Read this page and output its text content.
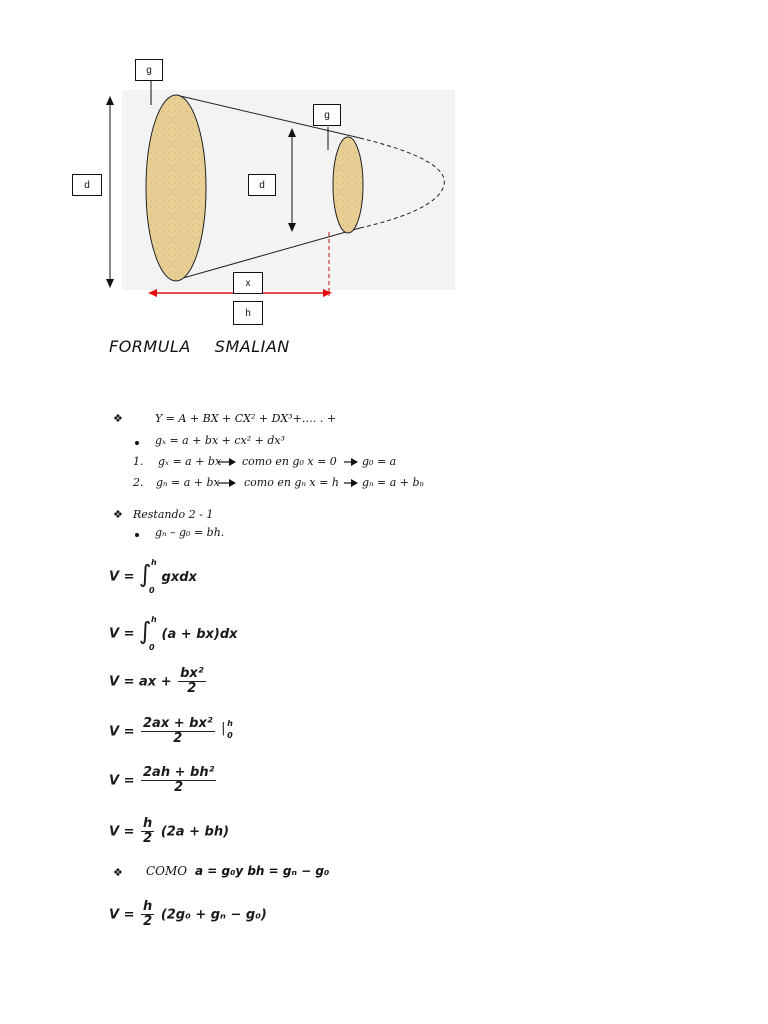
g
g
d	d
x
h
FORMULA SMALIAN
❖	Y = A + BX + CX² + DX³+…. . +
gₓ = a + bx + cx² + dx³
1. gₓ = a + bx como en g₀ x = 0 g₀ = a
2. gₙ = a + bx como en gₙ x = h gₙ = a + bₙ
❖ Restando 2 - 1
gₙ – g₀ = bh.
V = ∫ h
0
gxdx
V = ∫ h
0
(a + bx)dx
V = ax + $\frac{\text{bx²}}{2}$
$V = \frac{\text{2ax + bx²}}{2}$
| h
0
$V = \frac{\text{2ah + bh²}}{2}$
$V = \frac{h}{2} (2a + bh)$
❖ COMO a = g₀y bh = gₙ − g₀
$V = \frac{h}{2} (2g_0 + g_n - g_0)$
